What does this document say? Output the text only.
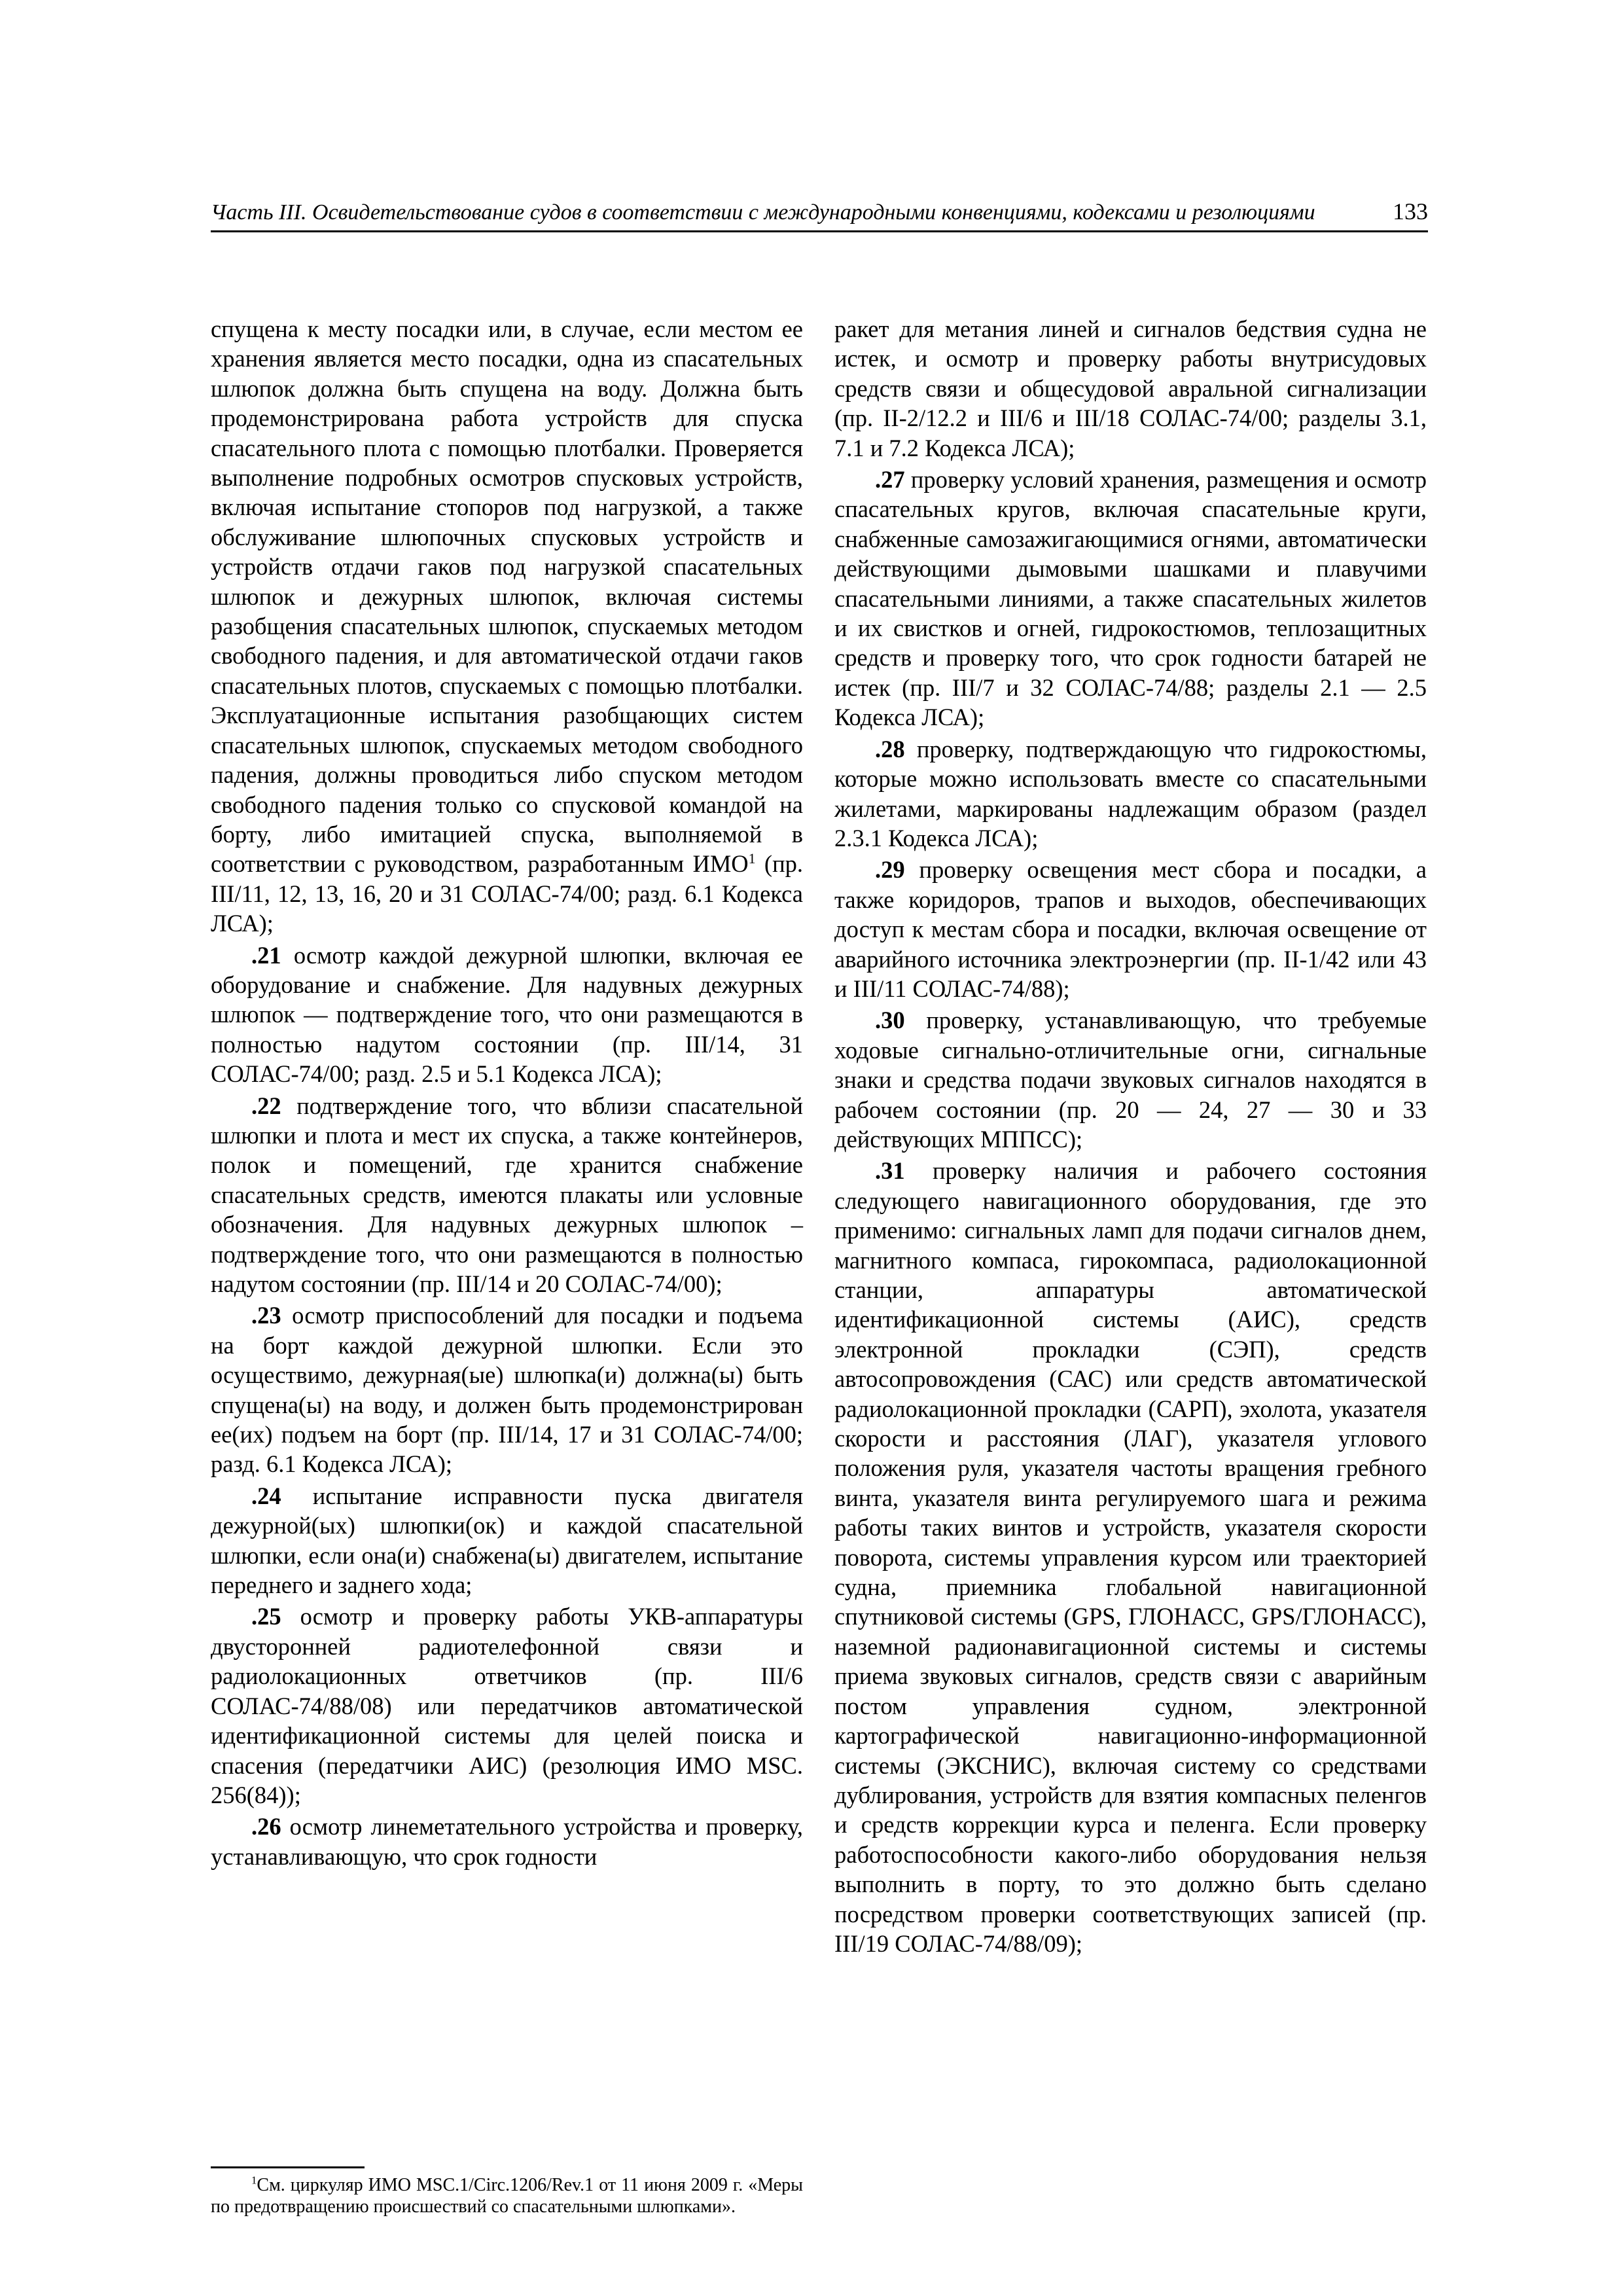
Часть III. Освидетельствование судов в соответствии с международными конвенциями, кодексами и резолюциями	133

спущена к месту посадки или, в случае, если местом ее хранения является место посадки, одна из спасательных шлюпок должна быть спущена на воду. Должна быть продемонстрирована работа устройств для спуска спасательного плота с помощью плотбалки. Проверяется выполнение подробных осмотров спусковых устройств, включая испытание стопоров под нагрузкой, а также обслуживание шлюпочных спусковых устройств и устройств отдачи гаков под нагрузкой спасательных шлюпок и дежурных шлюпок, включая системы разобщения спасательных шлюпок, спускаемых методом свободного падения, и для автоматической отдачи гаков спасательных плотов, спускаемых с помощью плотбалки. Эксплуатационные испытания разобщающих систем спасательных шлюпок, спускаемых методом свободного падения, должны проводиться либо спуском методом свободного падения только со спусковой командой на борту, либо имитацией спуска, выполняемой в соответствии с руководством, разработанным ИМО$^1$ (пр. III/11, 12, 13, 16, 20 и 31 СОЛАС-74/00; разд. 6.1 Кодекса ЛСА);

.21 осмотр каждой дежурной шлюпки, включая ее оборудование и снабжение. Для надувных дежурных шлюпок — подтверждение того, что они размещаются в полностью надутом состоянии (пр. III/14, 31 СОЛАС-74/00; разд. 2.5 и 5.1 Кодекса ЛСА);

.22 подтверждение того, что вблизи спасательной шлюпки и плота и мест их спуска, а также контейнеров, полок и помещений, где хранится снабжение спасательных средств, имеются плакаты или условные обозначения. Для надувных дежурных шлюпок – подтверждение того, что они размещаются в полностью надутом состоянии (пр. III/14 и 20 СОЛАС-74/00);

.23 осмотр приспособлений для посадки и подъема на борт каждой дежурной шлюпки. Если это осуществимо, дежурная(ые) шлюпка(и) должна(ы) быть спущена(ы) на воду, и должен быть продемонстрирован ее(их) подъем на борт (пр. III/14, 17 и 31 СОЛАС-74/00; разд. 6.1 Кодекса ЛСА);

.24 испытание исправности пуска двигателя дежурной(ых) шлюпки(ок) и каждой спасательной шлюпки, если она(и) снабжена(ы) двигателем, испытание переднего и заднего хода;

.25 осмотр и проверку работы УКВ-аппаратуры двусторонней радиотелефонной связи и радиолокационных ответчиков (пр. III/6 СОЛАС-74/88/08) или передатчиков автоматической идентификационной системы для целей поиска и спасения (передатчики АИС) (резолюция ИМО MSC. 256(84));

.26 осмотр линеметательного устройства и проверку, устанавливающую, что срок годности

ракет для метания линей и сигналов бедствия судна не истек, и осмотр и проверку работы внутрисудовых средств связи и общесудовой авральной сигнализации (пр. II-2/12.2 и III/6 и III/18 СОЛАС-74/00; разделы 3.1, 7.1 и 7.2 Кодекса ЛСА);

.27 проверку условий хранения, размещения и осмотр спасательных кругов, включая спасательные круги, снабженные самозажигающимися огнями, автоматически действующими дымовыми шашками и плавучими спасательными линиями, а также спасательных жилетов и их свистков и огней, гидрокостюмов, теплозащитных средств и проверку того, что срок годности батарей не истек (пр. III/7 и 32 СОЛАС-74/88; разделы 2.1 — 2.5 Кодекса ЛСА);

.28 проверку, подтверждающую что гидрокостюмы, которые можно использовать вместе со спасательными жилетами, маркированы надлежащим образом (раздел 2.3.1 Кодекса ЛСА);

.29 проверку освещения мест сбора и посадки, а также коридоров, трапов и выходов, обеспечивающих доступ к местам сбора и посадки, включая освещение от аварийного источника электроэнергии (пр. II-1/42 или 43 и III/11 СОЛАС-74/88);

.30 проверку, устанавливающую, что требуемые ходовые сигнально-отличительные огни, сигнальные знаки и средства подачи звуковых сигналов находятся в рабочем состоянии (пр. 20 — 24, 27 — 30 и 33 действующих МППСС);

.31 проверку наличия и рабочего состояния следующего навигационного оборудования, где это применимо: сигнальных ламп для подачи сигналов днем, магнитного компаса, гирокомпаса, радиолокационной станции, аппаратуры автоматической идентификационной системы (АИС), средств электронной прокладки (СЭП), средств автосопровождения (САС) или средств автоматической радиолокационной прокладки (САРП), эхолота, указателя скорости и расстояния (ЛАГ), указателя углового положения руля, указателя частоты вращения гребного винта, указателя винта регулируемого шага и режима работы таких винтов и устройств, указателя скорости поворота, системы управления курсом или траекторией судна, приемника глобальной навигационной спутниковой системы (GPS, ГЛОНАСС, GPS/ГЛОНАСС), наземной радионавигационной системы и системы приема звуковых сигналов, средств связи с аварийным постом управления судном, электронной картографической навигационно-информационной системы (ЭКСНИС), включая систему со средствами дублирования, устройств для взятия компасных пеленгов и средств коррекции курса и пеленга. Если проверку работоспособности какого-либо оборудования нельзя выполнить в порту, то это должно быть сделано посредством проверки соответствующих записей (пр. III/19 СОЛАС-74/88/09);

$^1$См. циркуляр ИМО MSC.1/Circ.1206/Rev.1 от 11 июня 2009 г. «Меры по предотвращению происшествий со спасательными шлюпками».
